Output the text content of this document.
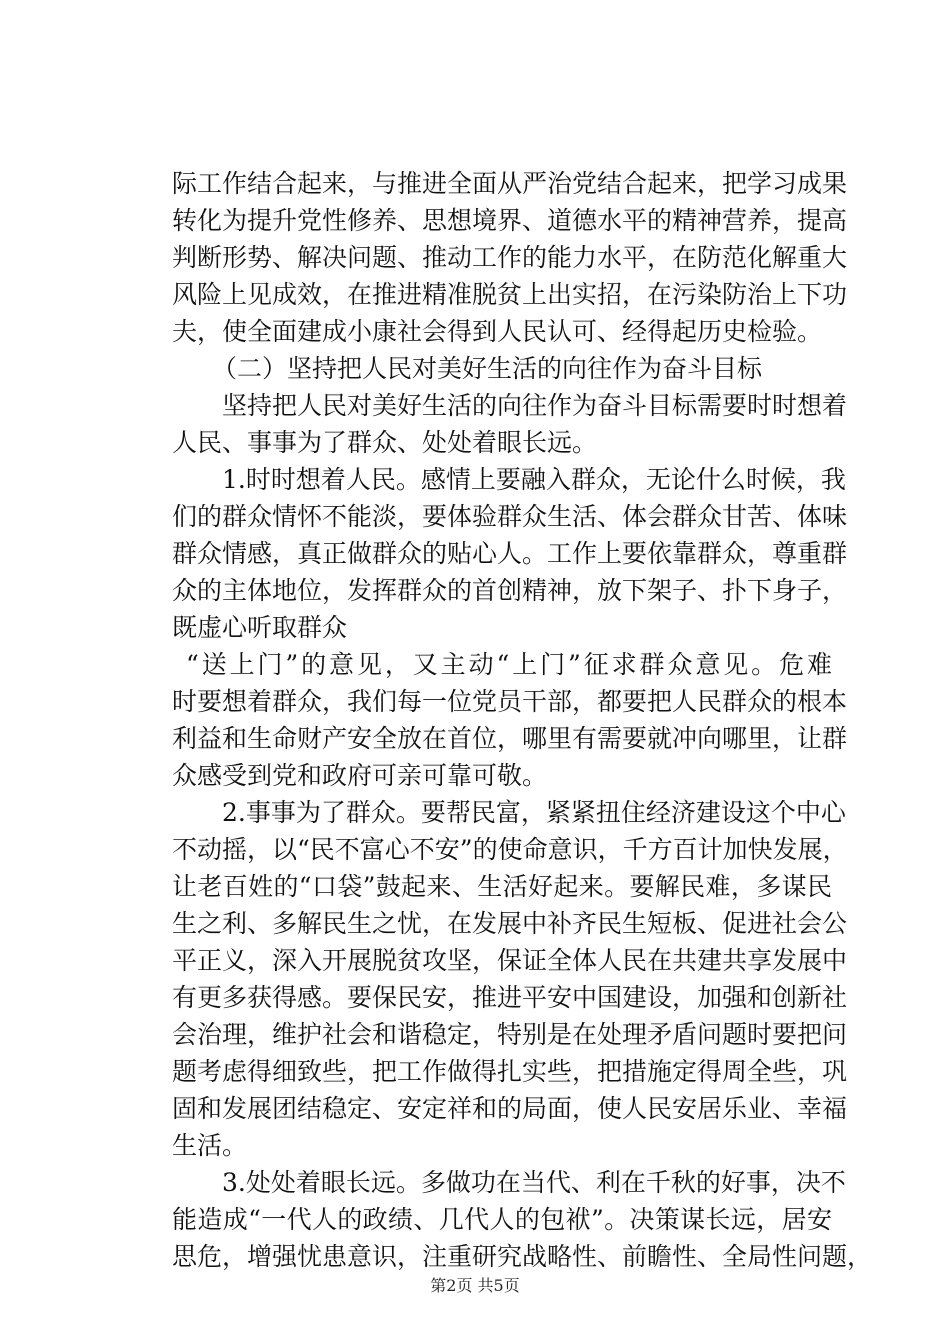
际工作结合起来，与推进全面从严治党结合起来，把学习成果
转化为提升党性修养、思想境界、道德水平的精神营养，提高
判断形势、解决问题、推动工作的能力水平，在防范化解重大
风险上见成效，在推进精准脱贫上出实招，在污染防治上下功
夫，使全面建成小康社会得到人民认可、经得起历史检验。
（二）坚持把人民对美好生活的向往作为奋斗目标
坚持把人民对美好生活的向往作为奋斗目标需要时时想着
人民、事事为了群众、处处着眼长远。
1.时时想着人民。感情上要融入群众，无论什么时候，我
们的群众情怀不能淡，要体验群众生活、体会群众甘苦、体味
群众情感，真正做群众的贴心人。工作上要依靠群众，尊重群
众的主体地位，发挥群众的首创精神，放下架子、扑下身子，
既虚心听取群众
“送上门”的意见，又主动“上门”征求群众意见。危难
时要想着群众，我们每一位党员干部，都要把人民群众的根本
利益和生命财产安全放在首位，哪里有需要就冲向哪里，让群
众感受到党和政府可亲可靠可敬。
2.事事为了群众。要帮民富，紧紧扭住经济建设这个中心
不动摇，以“民不富心不安”的使命意识，千方百计加快发展，
让老百姓的“口袋”鼓起来、生活好起来。要解民难，多谋民
生之利、多解民生之忧，在发展中补齐民生短板、促进社会公
平正义，深入开展脱贫攻坚，保证全体人民在共建共享发展中
有更多获得感。要保民安，推进平安中国建设，加强和创新社
会治理，维护社会和谐稳定，特别是在处理矛盾问题时要把问
题考虑得细致些，把工作做得扎实些，把措施定得周全些，巩
固和发展团结稳定、安定祥和的局面，使人民安居乐业、幸福
生活。
3.处处着眼长远。多做功在当代、利在千秋的好事，决不
能造成“一代人的政绩、几代人的包袱”。决策谋长远，居安
思危，增强忧患意识，注重研究战略性、前瞻性、全局性问题，
第2页 共5页
